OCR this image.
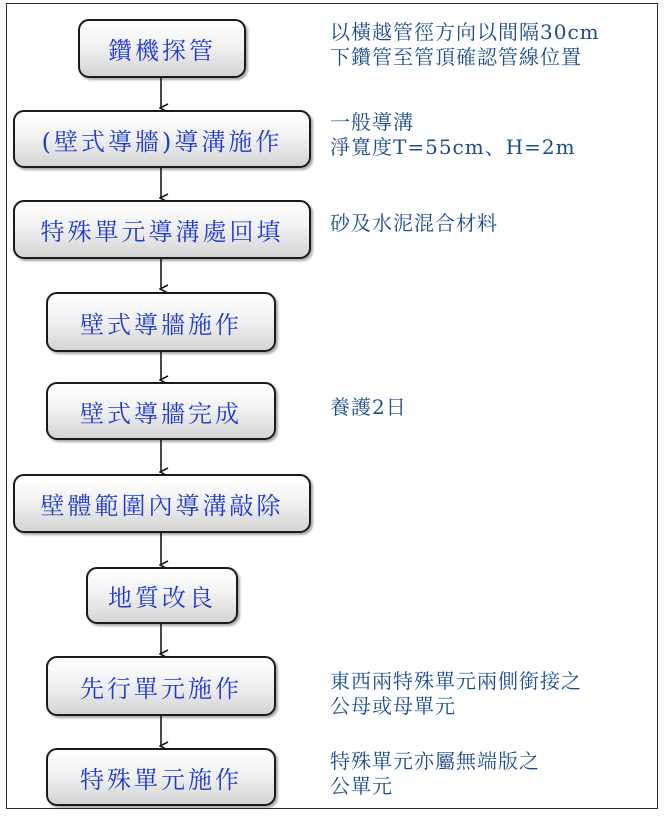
鑽機探管
(壁式導牆)導溝施作
特殊單元導溝處回填
壁式導牆施作
壁式導牆完成
壁體範圍內導溝敲除
地質改良
先行單元施作
特殊單元施作
以橫越管徑方向以間隔30cm
下鑽管至管頂確認管線位置
一般導溝
淨寬度T=55cm、H=2m
砂及水泥混合材料
養護2日
東西兩特殊單元兩側銜接之
公母或母單元
特殊單元亦屬無端版之
公單元
